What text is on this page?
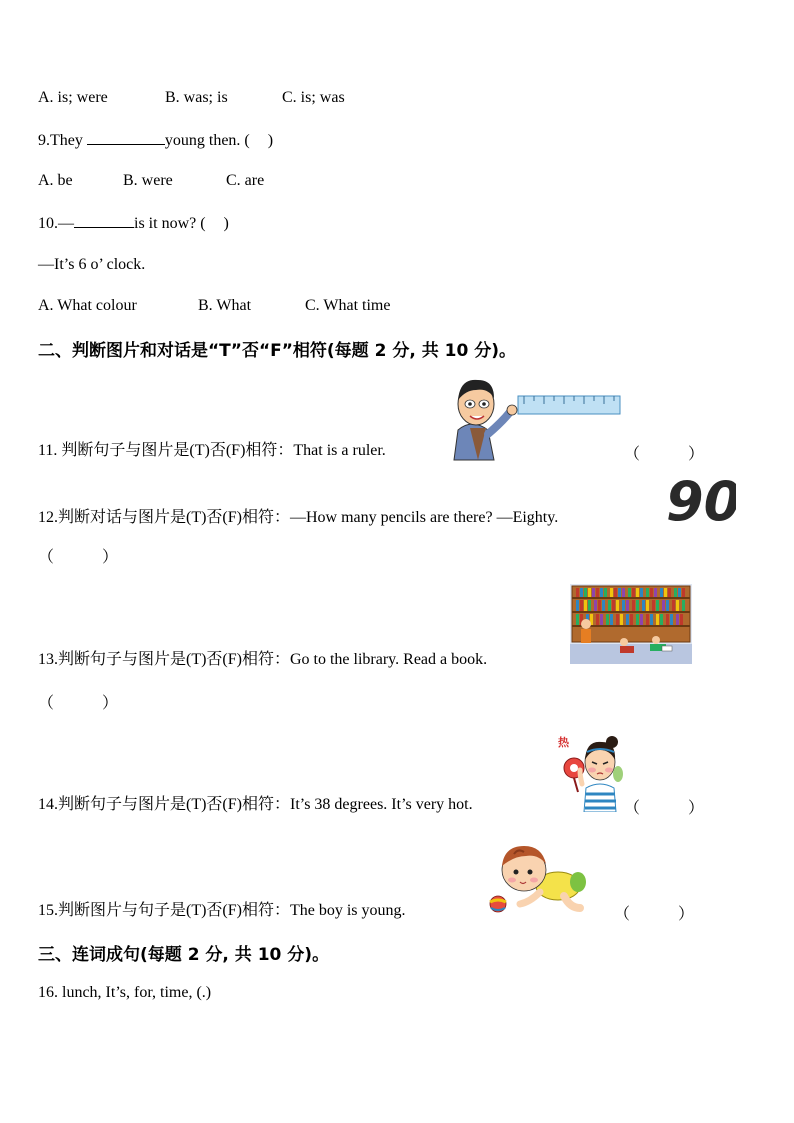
A. is; were	B. was; is	C. is; was
9.They	young then. ( )
A. be	B. were	C. are
10.—	is it now? ( )
—It’s 6 o’ clock.
A. What colour	B. What	C. What time
二、判断图片和对话是“T”否“F”相符(每题 2 分, 共 10 分)。
11. 判断句子与图片是(T)否(F)相符：That is a ruler.	（　　　）
90
12.判断对话与图片是(T)否(F)相符：—How many pencils are there? —Eighty.
（　　　）
13.判断句子与图片是(T)否(F)相符：Go to the library. Read a book.
（　　　）
热
14.判断句子与图片是(T)否(F)相符：It’s 38 degrees. It’s very hot.	（　　　）
15.判断图片与句子是(T)否(F)相符：The boy is young.	（　　　）
三、连词成句(每题 2 分, 共 10 分)。
16. lunch, It’s, for, time, (.)
